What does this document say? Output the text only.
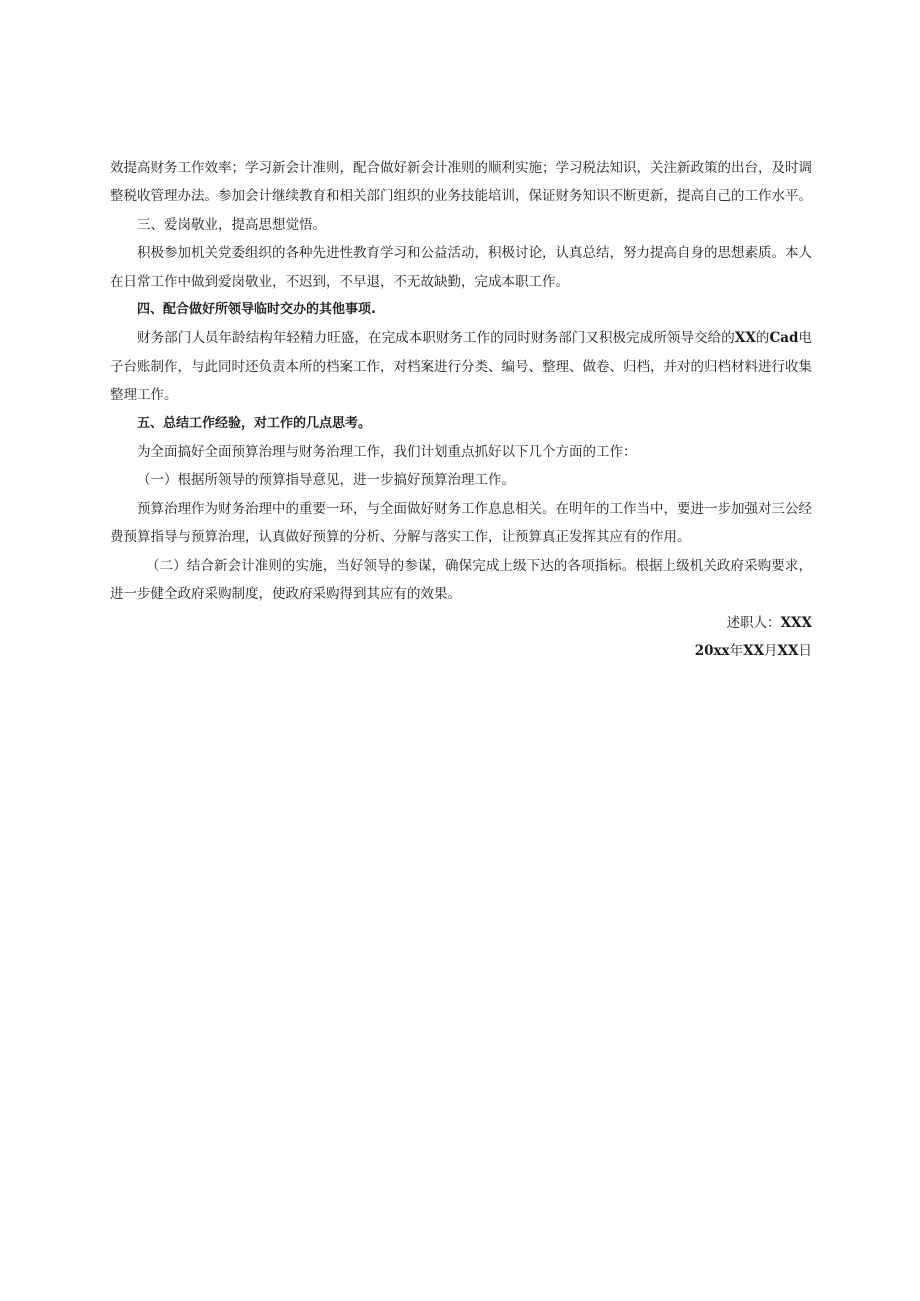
效提高财务工作效率；学习新会计准则，配合做好新会计准则的顺利实施；学习税法知识，关注新政策的出台，及时调整税收管理办法。参加会计继续教育和相关部门组织的业务技能培训，保证财务知识不断更新，提高自己的工作水平。

三、爱岗敬业，提高思想觉悟。

积极参加机关党委组织的各种先进性教育学习和公益活动，积极讨论，认真总结，努力提高自身的思想素质。本人在日常工作中做到爱岗敬业，不迟到，不早退，不无故缺勤，完成本职工作。

四、配合做好所领导临时交办的其他事项.

财务部门人员年龄结构年轻精力旺盛，在完成本职财务工作的同时财务部门又积极完成所领导交给的XX的Cad电子台账制作，与此同时还负责本所的档案工作，对档案进行分类、编号、整理、做卷、归档，并对的归档材料进行收集整理工作。

五、总结工作经验，对工作的几点思考。

为全面搞好全面预算治理与财务治理工作，我们计划重点抓好以下几个方面的工作：

（一）根据所领导的预算指导意见，进一步搞好预算治理工作。

预算治理作为财务治理中的重要一环，与全面做好财务工作息息相关。在明年的工作当中，要进一步加强对三公经费预算指导与预算治理，认真做好预算的分析、分解与落实工作，让预算真正发挥其应有的作用。

（二）结合新会计准则的实施，当好领导的参谋，确保完成上级下达的各项指标。根据上级机关政府采购要求，进一步健全政府采购制度，使政府采购得到其应有的效果。

述职人：XXX

20xx年XX月XX日
